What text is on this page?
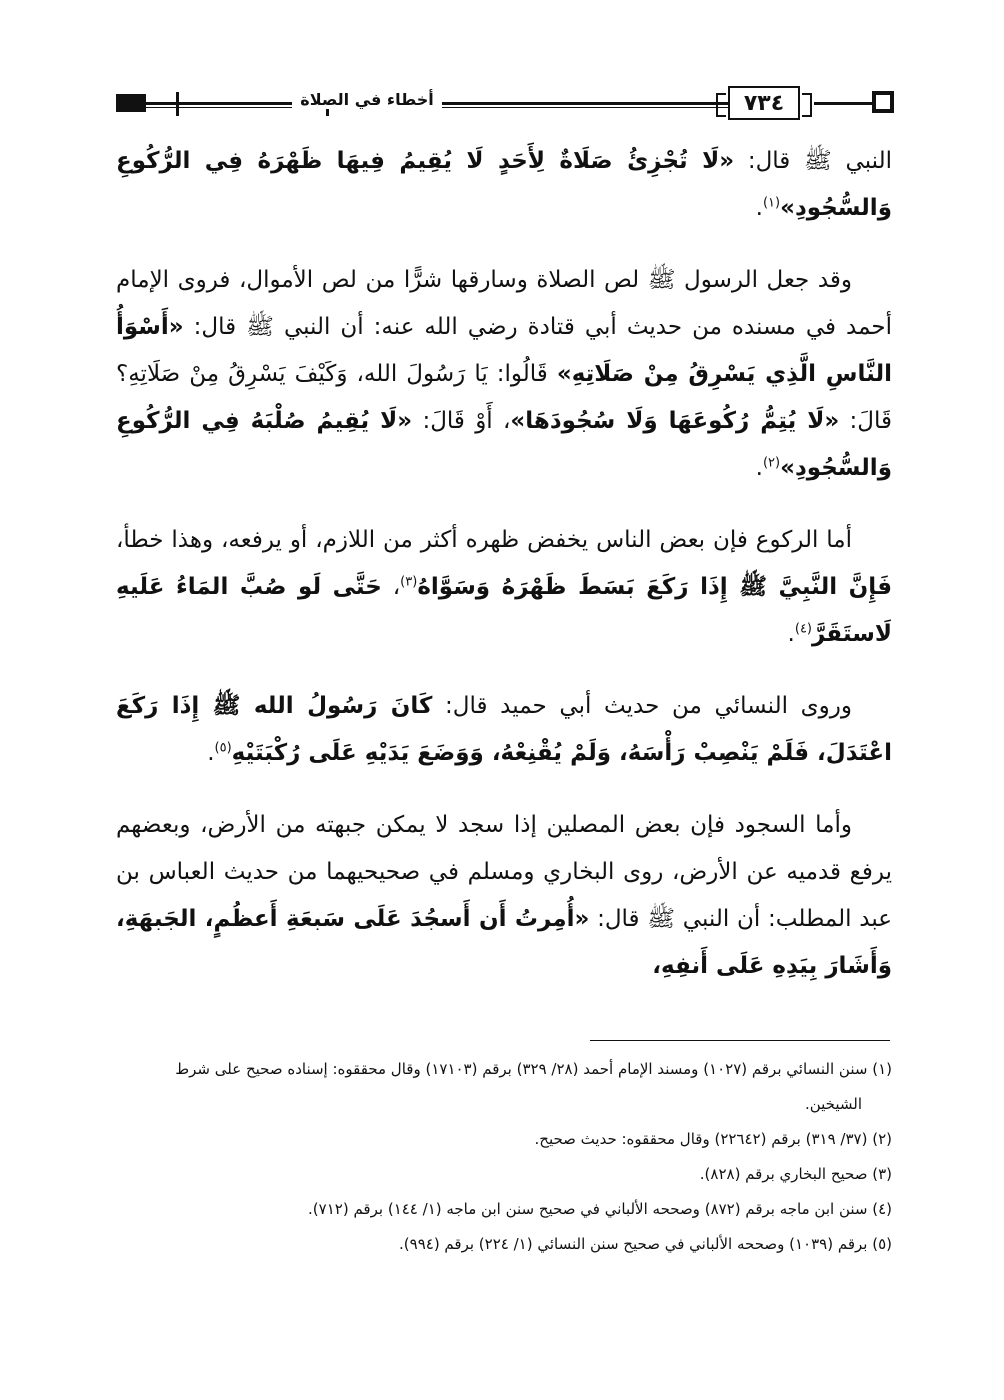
أخطاء في الصلاة	٧٣٤

النبي ﷺ قال: «لَا تُجْزِئُ صَلَاةٌ لِأَحَدٍ لَا يُقِيمُ فِيهَا ظَهْرَهُ فِي الرُّكُوعِ وَالسُّجُودِ»$^{(١)}$.

وقد جعل الرسول ﷺ لص الصلاة وسارقها شرًّا من لص الأموال، فروى الإمام أحمد في مسنده من حديث أبي قتادة رضي الله عنه: أن النبي ﷺ قال: «أَسْوَأُ النَّاسِ الَّذِي يَسْرِقُ مِنْ صَلَاتِهِ» قَالُوا: يَا رَسُولَ الله، وَكَيْفَ يَسْرِقُ مِنْ صَلَاتِهِ؟ قَالَ: «لَا يُتِمُّ رُكُوعَهَا وَلَا سُجُودَهَا»، أَوْ قَالَ: «لَا يُقِيمُ صُلْبَهُ فِي الرُّكُوعِ وَالسُّجُودِ»$^{(٢)}$.

أما الركوع فإن بعض الناس يخفض ظهره أكثر من اللازم، أو يرفعه، وهذا خطأ، فَإِنَّ النَّبِيَّ ﷺ إِذَا رَكَعَ بَسَطَ ظَهْرَهُ وَسَوَّاهُ$^{(٣)}$، حَتَّى لَو صُبَّ المَاءُ عَلَيهِ لَاستَقَرَّ$^{(٤)}$.

وروى النسائي من حديث أبي حميد قال: كَانَ رَسُولُ الله ﷺ إِذَا رَكَعَ اعْتَدَلَ، فَلَمْ يَنْصِبْ رَأْسَهُ، وَلَمْ يُقْنِعْهُ، وَوَضَعَ يَدَيْهِ عَلَى رُكْبَتَيْهِ$^{(٥)}$.

وأما السجود فإن بعض المصلين إذا سجد لا يمكن جبهته من الأرض، وبعضهم يرفع قدميه عن الأرض، روى البخاري ومسلم في صحيحيهما من حديث العباس بن عبد المطلب: أن النبي ﷺ قال: «أُمِرتُ أَن أَسجُدَ عَلَى سَبعَةِ أَعظُمٍ، الجَبهَةِ، وَأَشَارَ بِيَدِهِ عَلَى أَنفِهِ،

(١) سنن النسائي برقم (١٠٢٧) ومسند الإمام أحمد (٢٨/ ٣٢٩) برقم (١٧١٠٣) وقال محققوه: إسناده صحيح على شرط الشيخين.

(٢) (٣٧/ ٣١٩) برقم (٢٢٦٤٢) وقال محققوه: حديث صحيح.

(٣) صحيح البخاري برقم (٨٢٨).

(٤) سنن ابن ماجه برقم (٨٧٢) وصححه الألباني في صحيح سنن ابن ماجه (١/ ١٤٤) برقم (٧١٢).

(٥) برقم (١٠٣٩) وصححه الألباني في صحيح سنن النسائي (١/ ٢٢٤) برقم (٩٩٤).
